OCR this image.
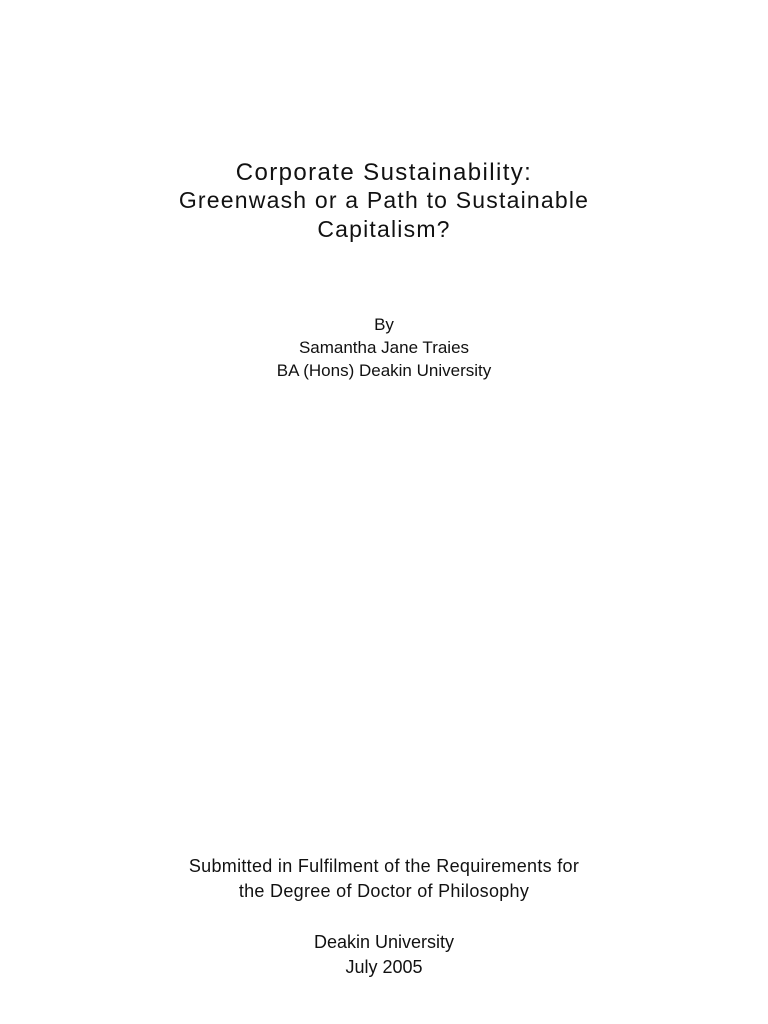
Corporate Sustainability:
Greenwash or a Path to Sustainable
Capitalism?
By
Samantha Jane Traies
BA (Hons) Deakin University
Submitted in Fulfilment of the Requirements for
the Degree of Doctor of Philosophy
Deakin University
July 2005
